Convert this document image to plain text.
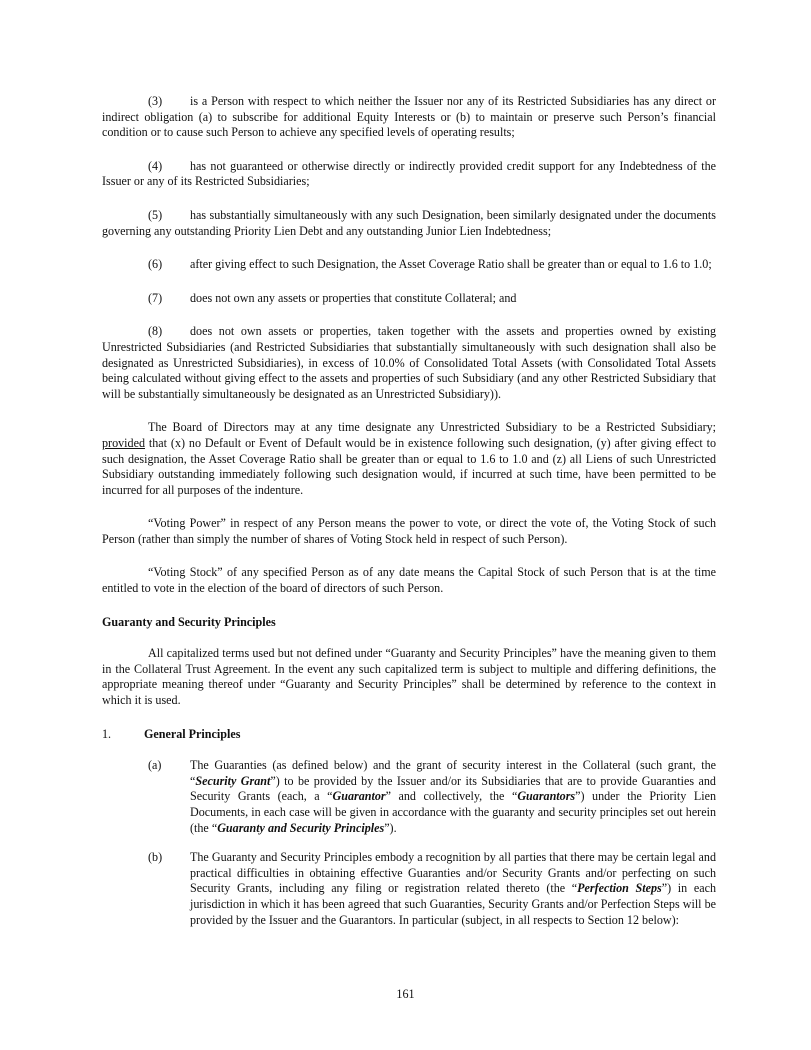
(3) is a Person with respect to which neither the Issuer nor any of its Restricted Subsidiaries has any direct or indirect obligation (a) to subscribe for additional Equity Interests or (b) to maintain or preserve such Person’s financial condition or to cause such Person to achieve any specified levels of operating results;

(4) has not guaranteed or otherwise directly or indirectly provided credit support for any Indebtedness of the Issuer or any of its Restricted Subsidiaries;

(5) has substantially simultaneously with any such Designation, been similarly designated under the documents governing any outstanding Priority Lien Debt and any outstanding Junior Lien Indebtedness;

(6) after giving effect to such Designation, the Asset Coverage Ratio shall be greater than or equal to 1.6 to 1.0;

(7) does not own any assets or properties that constitute Collateral; and

(8) does not own assets or properties, taken together with the assets and properties owned by existing Unrestricted Subsidiaries (and Restricted Subsidiaries that substantially simultaneously with such designation shall also be designated as Unrestricted Subsidiaries), in excess of 10.0% of Consolidated Total Assets (with Consolidated Total Assets being calculated without giving effect to the assets and properties of such Subsidiary (and any other Restricted Subsidiary that will be substantially simultaneously be designated as an Unrestricted Subsidiary)).

The Board of Directors may at any time designate any Unrestricted Subsidiary to be a Restricted Subsidiary; provided that (x) no Default or Event of Default would be in existence following such designation, (y) after giving effect to such designation, the Asset Coverage Ratio shall be greater than or equal to 1.6 to 1.0 and (z) all Liens of such Unrestricted Subsidiary outstanding immediately following such designation would, if incurred at such time, have been permitted to be incurred for all purposes of the indenture.

“Voting Power” in respect of any Person means the power to vote, or direct the vote of, the Voting Stock of such Person (rather than simply the number of shares of Voting Stock held in respect of such Person).

“Voting Stock” of any specified Person as of any date means the Capital Stock of such Person that is at the time entitled to vote in the election of the board of directors of such Person.

Guaranty and Security Principles

All capitalized terms used but not defined under “Guaranty and Security Principles” have the meaning given to them in the Collateral Trust Agreement. In the event any such capitalized term is subject to multiple and differing definitions, the appropriate meaning thereof under “Guaranty and Security Principles” shall be determined by reference to the context in which it is used.

1.	General Principles
(a)	The Guaranties (as defined below) and the grant of security interest in the Collateral (such grant, the “Security Grant”) to be provided by the Issuer and/or its Subsidiaries that are to provide Guaranties and Security Grants (each, a “Guarantor” and collectively, the “Guarantors”) under the Priority Lien Documents, in each case will be given in accordance with the guaranty and security principles set out herein (the “Guaranty and Security Principles”).
(b)	The Guaranty and Security Principles embody a recognition by all parties that there may be certain legal and practical difficulties in obtaining effective Guaranties and/or Security Grants and/or perfecting on such Security Grants, including any filing or registration related thereto (the “Perfection Steps”) in each jurisdiction in which it has been agreed that such Guaranties, Security Grants and/or Perfection Steps will be provided by the Issuer and the Guarantors. In particular (subject, in all respects to Section 12 below):
161
